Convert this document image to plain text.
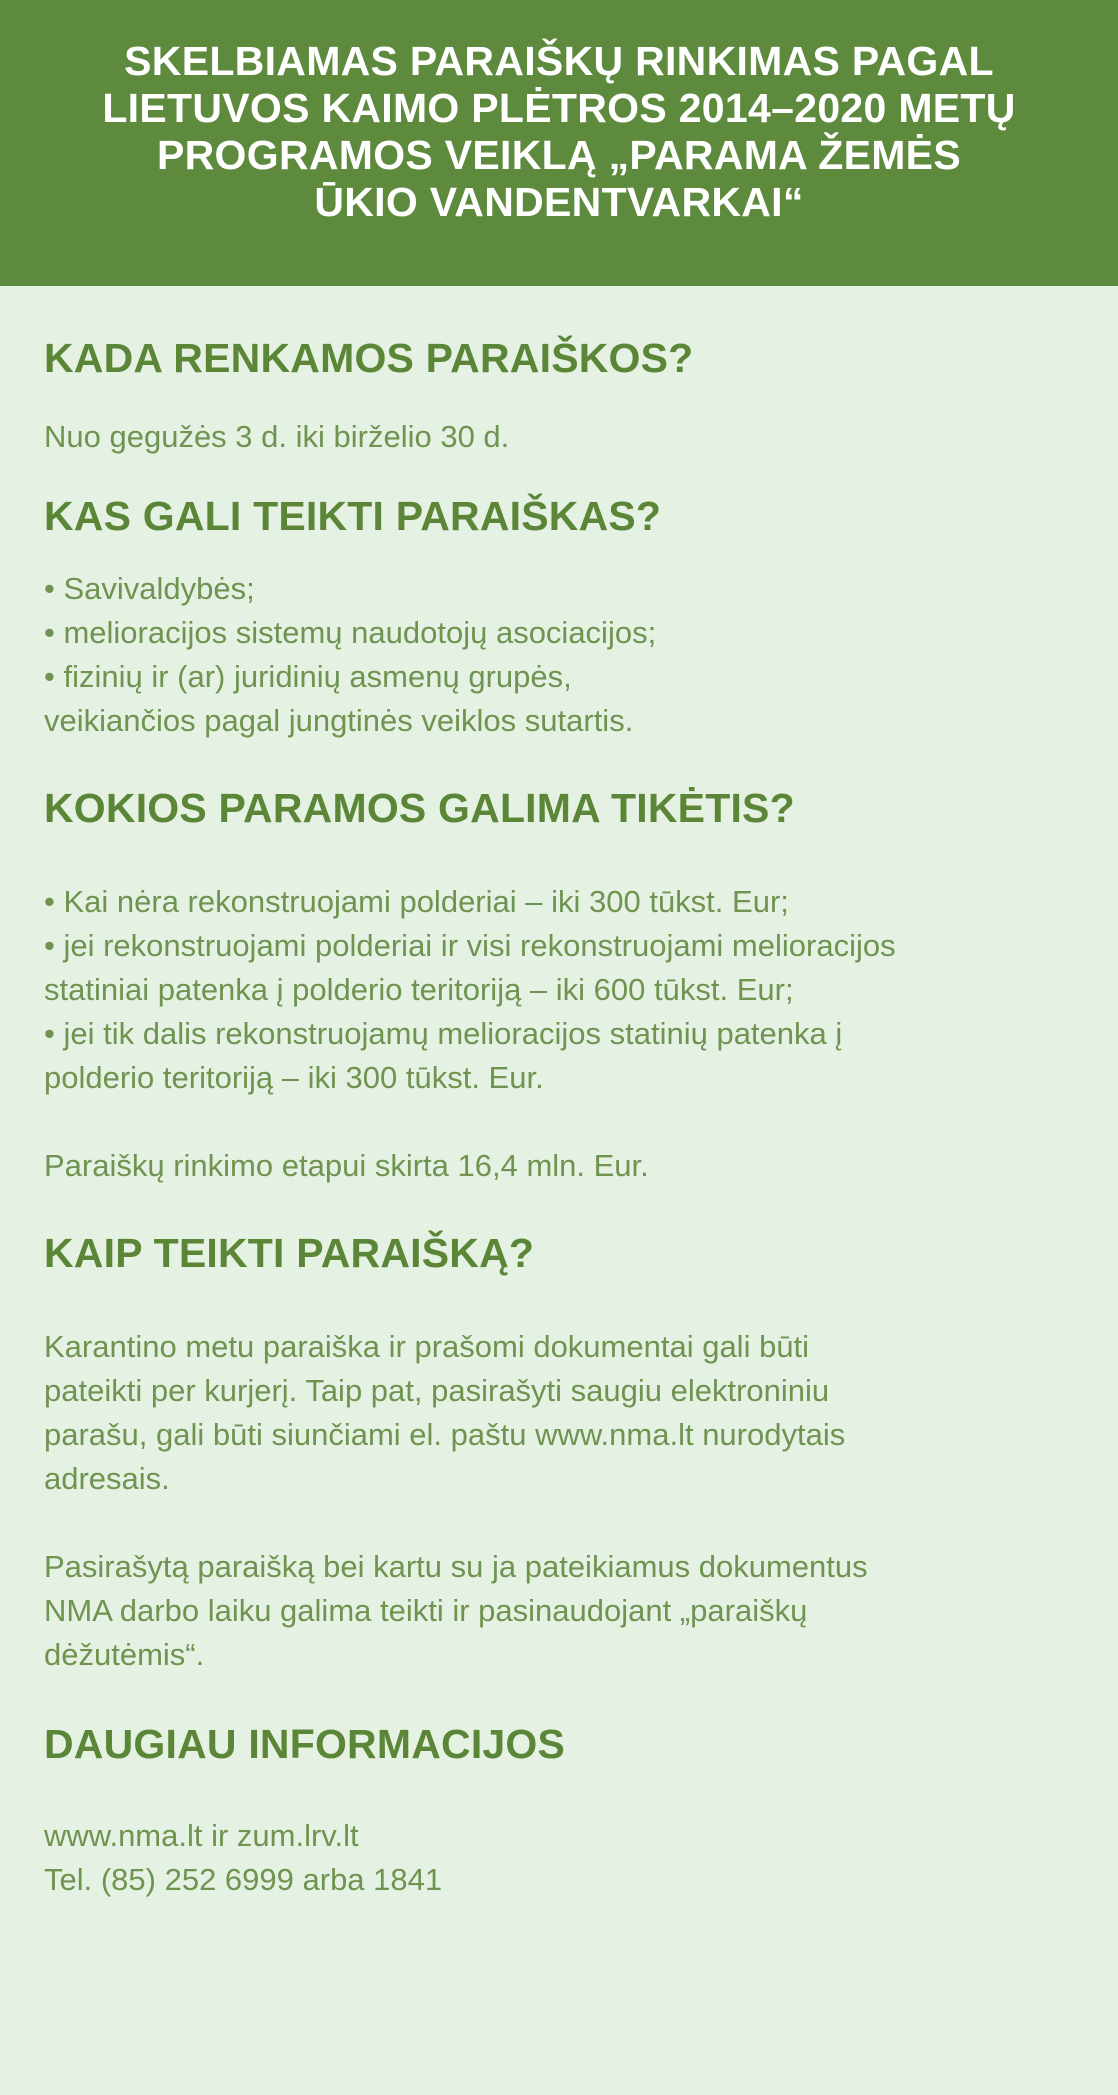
SKELBIAMAS PARAIŠKŲ RINKIMAS PAGAL
LIETUVOS KAIMO PLĖTROS 2014–2020 METŲ
PROGRAMOS VEIKLĄ „PARAMA ŽEMĖS
ŪKIO VANDENTVARKAI“
KADA RENKAMOS PARAIŠKOS?
Nuo gegužės 3 d. iki birželio 30 d.
KAS GALI TEIKTI PARAIŠKAS?
• Savivaldybės;
• melioracijos sistemų naudotojų asociacijos;
• fizinių ir (ar) juridinių asmenų grupės,
veikiančios pagal jungtinės veiklos sutartis.
KOKIOS PARAMOS GALIMA TIKĖTIS?
• Kai nėra rekonstruojami polderiai – iki 300 tūkst. Eur;
• jei rekonstruojami polderiai ir visi rekonstruojami melioracijos
statiniai patenka į polderio teritoriją – iki 600 tūkst. Eur;
• jei tik dalis rekonstruojamų melioracijos statinių patenka į
polderio teritoriją – iki 300 tūkst. Eur.
Paraiškų rinkimo etapui skirta 16,4 mln. Eur.
KAIP TEIKTI PARAIŠKĄ?
Karantino metu paraiška ir prašomi dokumentai gali būti
pateikti per kurjerį. Taip pat, pasirašyti saugiu elektroniniu
parašu, gali būti siunčiami el. paštu www.nma.lt nurodytais
adresais.
Pasirašytą paraišką bei kartu su ja pateikiamus dokumentus
NMA darbo laiku galima teikti ir pasinaudojant „paraiškų
dėžutėmis“.
DAUGIAU INFORMACIJOS
www.nma.lt ir zum.lrv.lt
Tel. (85) 252 6999 arba 1841
